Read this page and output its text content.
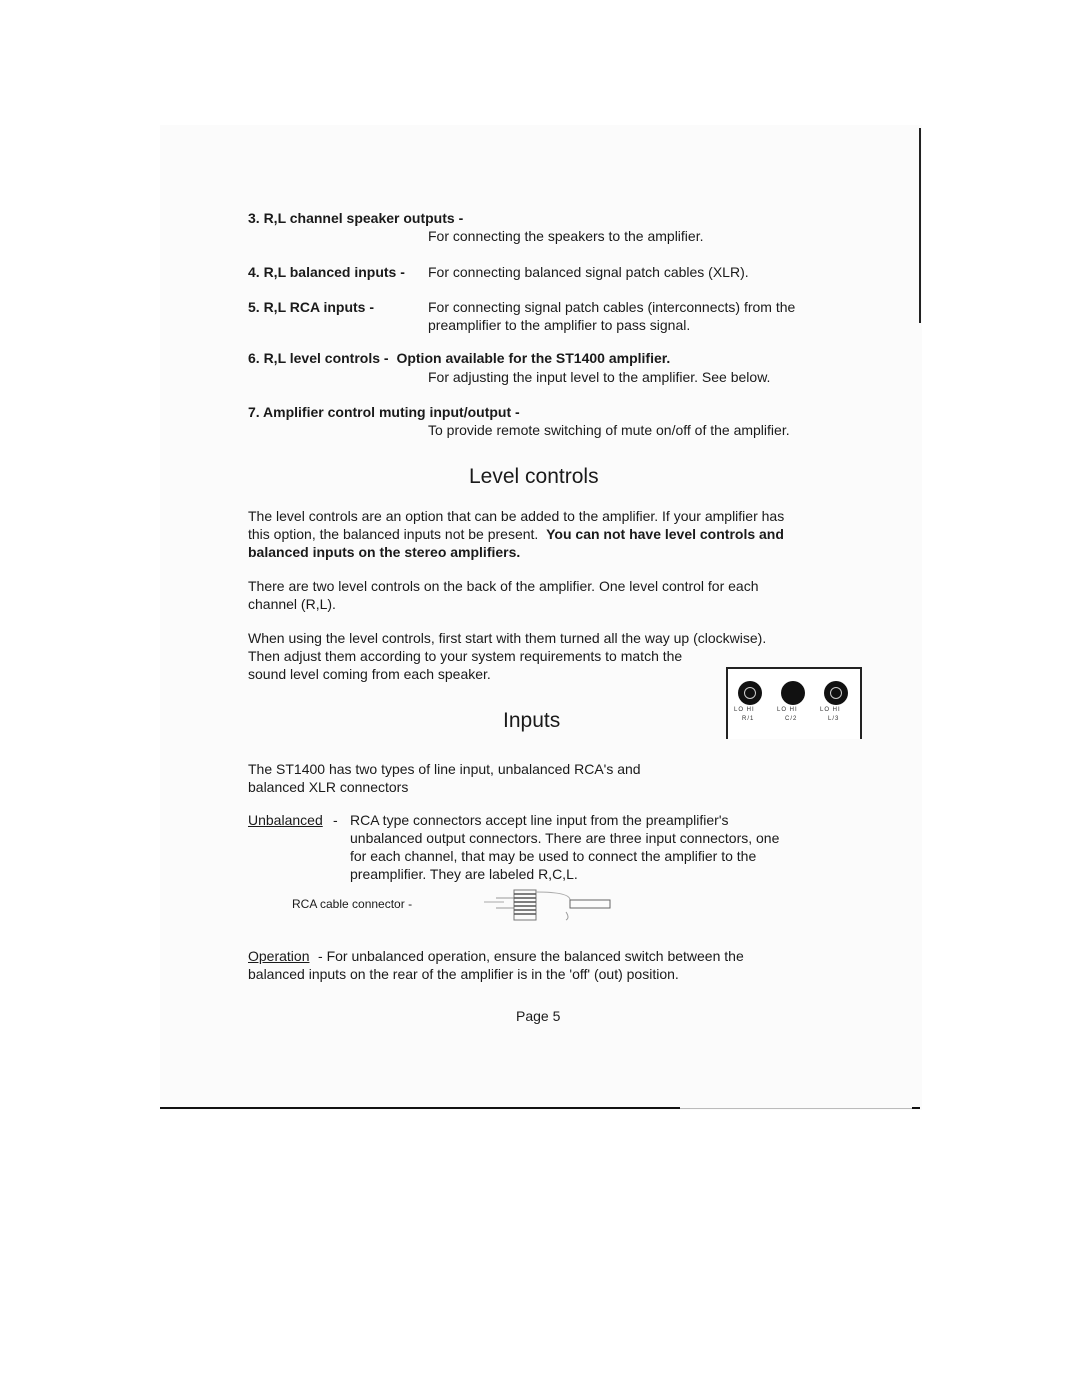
3. R,L channel speaker outputs -
For connecting the speakers to the amplifier.
4. R,L balanced inputs - For connecting balanced signal patch cables (XLR).
5. R,L RCA inputs -	For connecting signal patch cables (interconnects) from the
preamplifier to the amplifier to pass signal.
6. R,L level controls - Option available for the ST1400 amplifier.
For adjusting the input level to the amplifier. See below.
7. Amplifier control muting input/output -
To provide remote switching of mute on/off of the amplifier.
Level controls
The level controls are an option that can be added to the amplifier. If your amplifier has
this option, the balanced inputs not be present. You can not have level controls and
balanced inputs on the stereo amplifiers.
There are two level controls on the back of the amplifier. One level control for each
channel (R,L).
When using the level controls, first start with them turned all the way up (clockwise).
Then adjust them according to your system requirements to match the
sound level coming from each speaker.
LO HI	LO HI	LO HI
R/1	C/2	L/3
Inputs
The ST1400 has two types of line input, unbalanced RCA's and
balanced XLR connectors
Unbalanced - RCA type connectors accept line input from the preamplifier's
unbalanced output connectors. There are three input connectors, one
for each channel, that may be used to connect the amplifier to the
preamplifier. They are labeled R,C,L.
RCA cable connector -
Operation - For unbalanced operation, ensure the balanced switch between the
balanced inputs on the rear of the amplifier is in the 'off' (out) position.
Page 5
